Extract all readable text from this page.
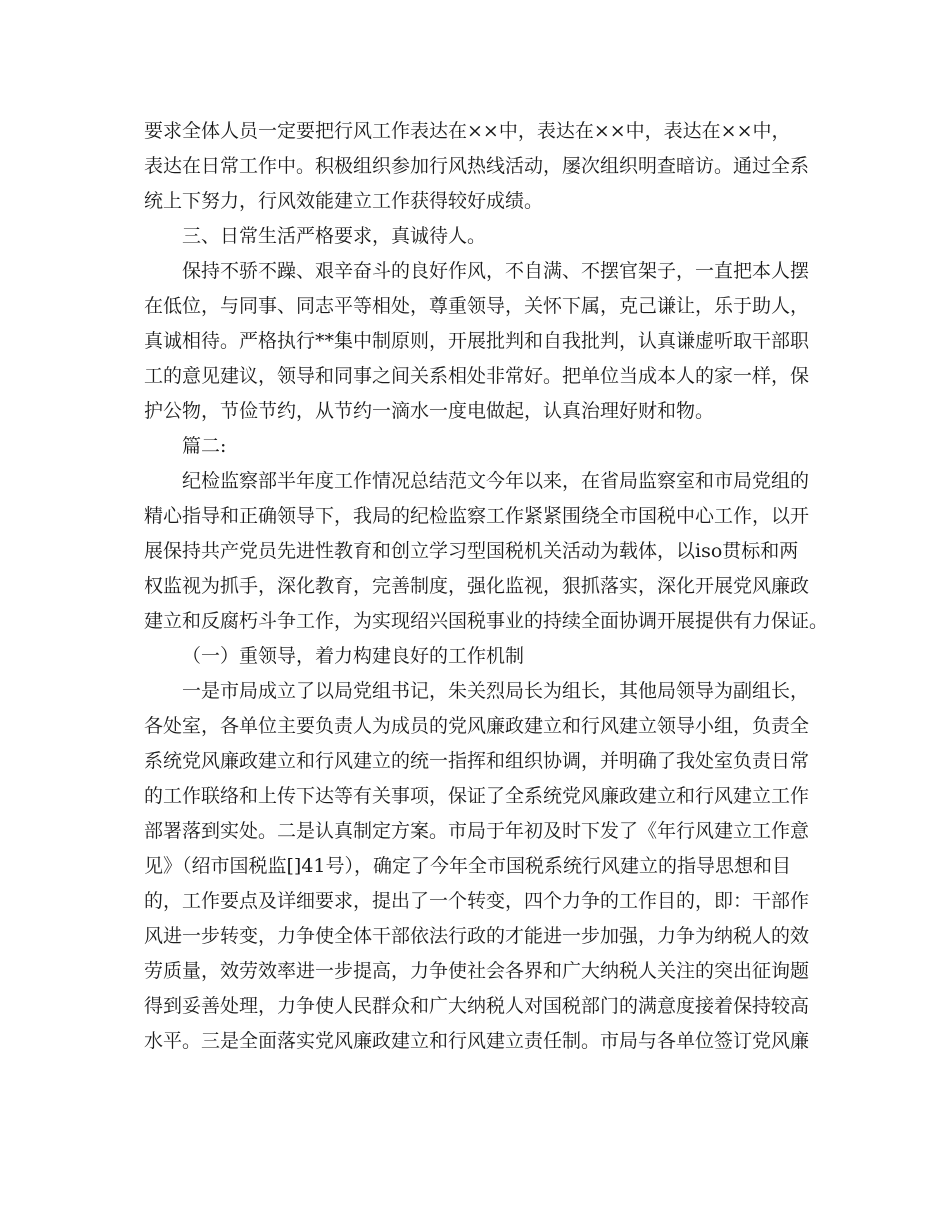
要求全体人员一定要把行风工作表达在××中，表达在××中，表达在××中，
表达在日常工作中。积极组织参加行风热线活动，屡次组织明查暗访。通过全系
统上下努力，行风效能建立工作获得较好成绩。
三、日常生活严格要求，真诚待人。
保持不骄不躁、艰辛奋斗的良好作风，不自满、不摆官架子，一直把本人摆
在低位，与同事、同志平等相处，尊重领导，关怀下属，克己谦让，乐于助人，
真诚相待。严格执行**集中制原则，开展批判和自我批判，认真谦虚听取干部职
工的意见建议，领导和同事之间关系相处非常好。把单位当成本人的家一样，保
护公物，节俭节约，从节约一滴水一度电做起，认真治理好财和物。
篇二:
纪检监察部半年度工作情况总结范文今年以来，在省局监察室和市局党组的
精心指导和正确领导下，我局的纪检监察工作紧紧围绕全市国税中心工作，以开
展保持共产党员先进性教育和创立学习型国税机关活动为载体，以iso贯标和两
权监视为抓手，深化教育，完善制度，强化监视，狠抓落实，深化开展党风廉政
建立和反腐朽斗争工作，为实现绍兴国税事业的持续全面协调开展提供有力保证。
（一）重领导，着力构建良好的工作机制
一是市局成立了以局党组书记，朱关烈局长为组长，其他局领导为副组长，
各处室，各单位主要负责人为成员的党风廉政建立和行风建立领导小组，负责全
系统党风廉政建立和行风建立的统一指挥和组织协调，并明确了我处室负责日常
的工作联络和上传下达等有关事项，保证了全系统党风廉政建立和行风建立工作
部署落到实处。二是认真制定方案。市局于年初及时下发了《年行风建立工作意
见》（绍市国税监[]41号），确定了今年全市国税系统行风建立的指导思想和目
的，工作要点及详细要求，提出了一个转变，四个力争的工作目的，即：干部作
风进一步转变，力争使全体干部依法行政的才能进一步加强，力争为纳税人的效
劳质量，效劳效率进一步提高，力争使社会各界和广大纳税人关注的突出征询题
得到妥善处理，力争使人民群众和广大纳税人对国税部门的满意度接着保持较高
水平。三是全面落实党风廉政建立和行风建立责任制。市局与各单位签订党风廉
